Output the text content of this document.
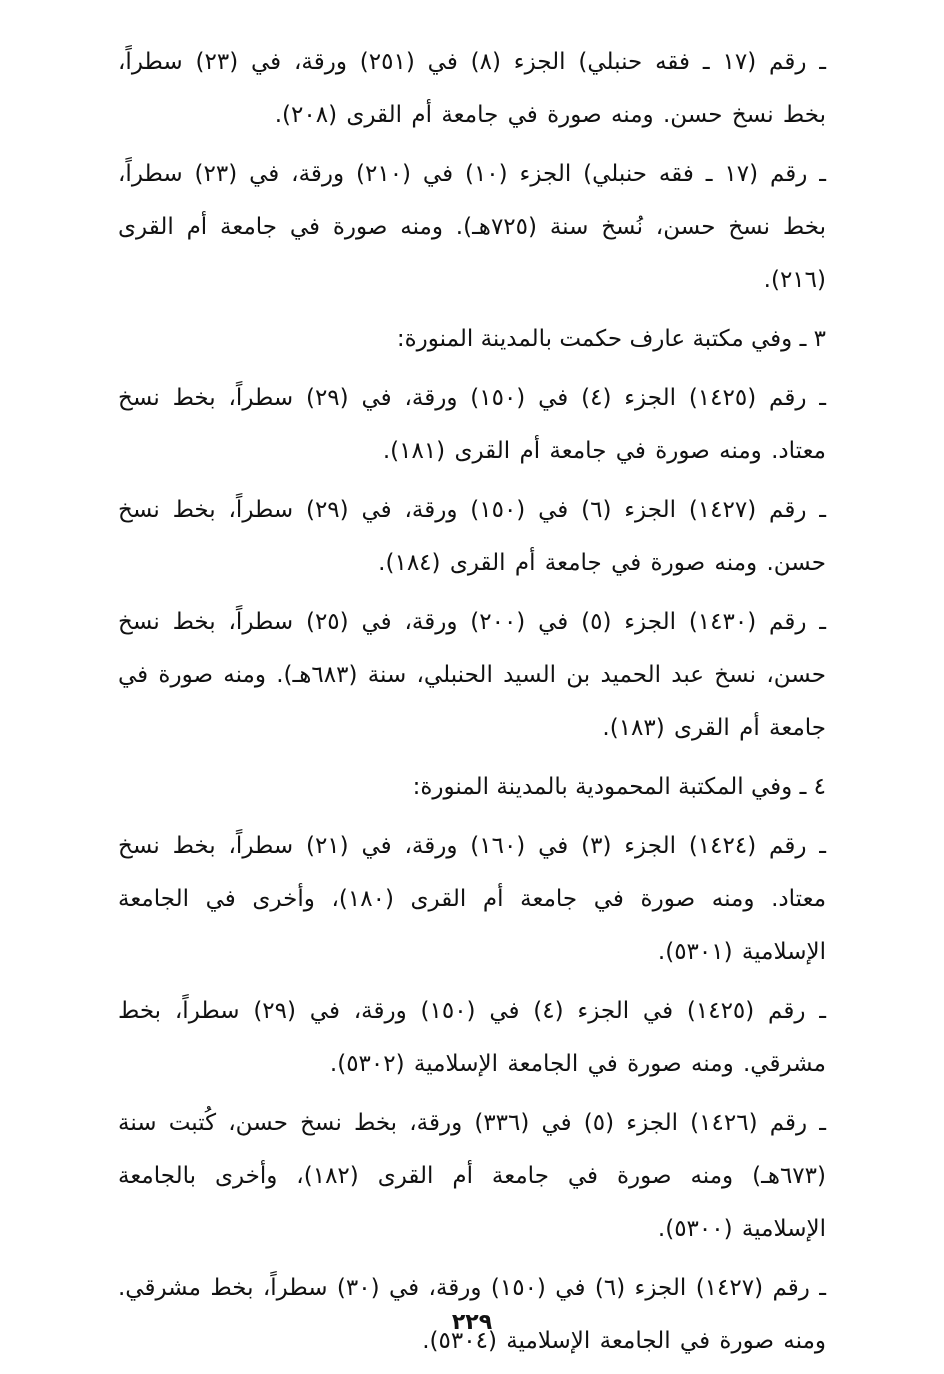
ـ رقم (١٧ ـ فقه حنبلي) الجزء (٨) في (٢٥١) ورقة، في (٢٣) سطراً، بخط نسخ حسن. ومنه صورة في جامعة أم القرى (٢٠٨).

ـ رقم (١٧ ـ فقه حنبلي) الجزء (١٠) في (٢١٠) ورقة، في (٢٣) سطراً، بخط نسخ حسن، نُسخ سنة (٧٢٥هـ). ومنه صورة في جامعة أم القرى (٢١٦).

٣ ـ وفي مكتبة عارف حكمت بالمدينة المنورة:

ـ رقم (١٤٢٥) الجزء (٤) في (١٥٠) ورقة، في (٢٩) سطراً، بخط نسخ معتاد. ومنه صورة في جامعة أم القرى (١٨١).

ـ رقم (١٤٢٧) الجزء (٦) في (١٥٠) ورقة، في (٢٩) سطراً، بخط نسخ حسن. ومنه صورة في جامعة أم القرى (١٨٤).

ـ رقم (١٤٣٠) الجزء (٥) في (٢٠٠) ورقة، في (٢٥) سطراً، بخط نسخ حسن، نسخ عبد الحميد بن السيد الحنبلي، سنة (٦٨٣هـ). ومنه صورة في جامعة أم القرى (١٨٣).

٤ ـ وفي المكتبة المحمودية بالمدينة المنورة:

ـ رقم (١٤٢٤) الجزء (٣) في (١٦٠) ورقة، في (٢١) سطراً، بخط نسخ معتاد. ومنه صورة في جامعة أم القرى (١٨٠)، وأخرى في الجامعة الإسلامية (٥٣٠١).

ـ رقم (١٤٢٥) في الجزء (٤) في (١٥٠) ورقة، في (٢٩) سطراً، بخط مشرقي. ومنه صورة في الجامعة الإسلامية (٥٣٠٢).

ـ رقم (١٤٢٦) الجزء (٥) في (٣٣٦) ورقة، بخط نسخ حسن، كُتبت سنة (٦٧٣هـ) ومنه صورة في جامعة أم القرى (١٨٢)، وأخرى بالجامعة الإسلامية (٥٣٠٠).

ـ رقم (١٤٢٧) الجزء (٦) في (١٥٠) ورقة، في (٣٠) سطراً، بخط مشرقي. ومنه صورة في الجامعة الإسلامية (٥٣٠٤).

٢٢٩
